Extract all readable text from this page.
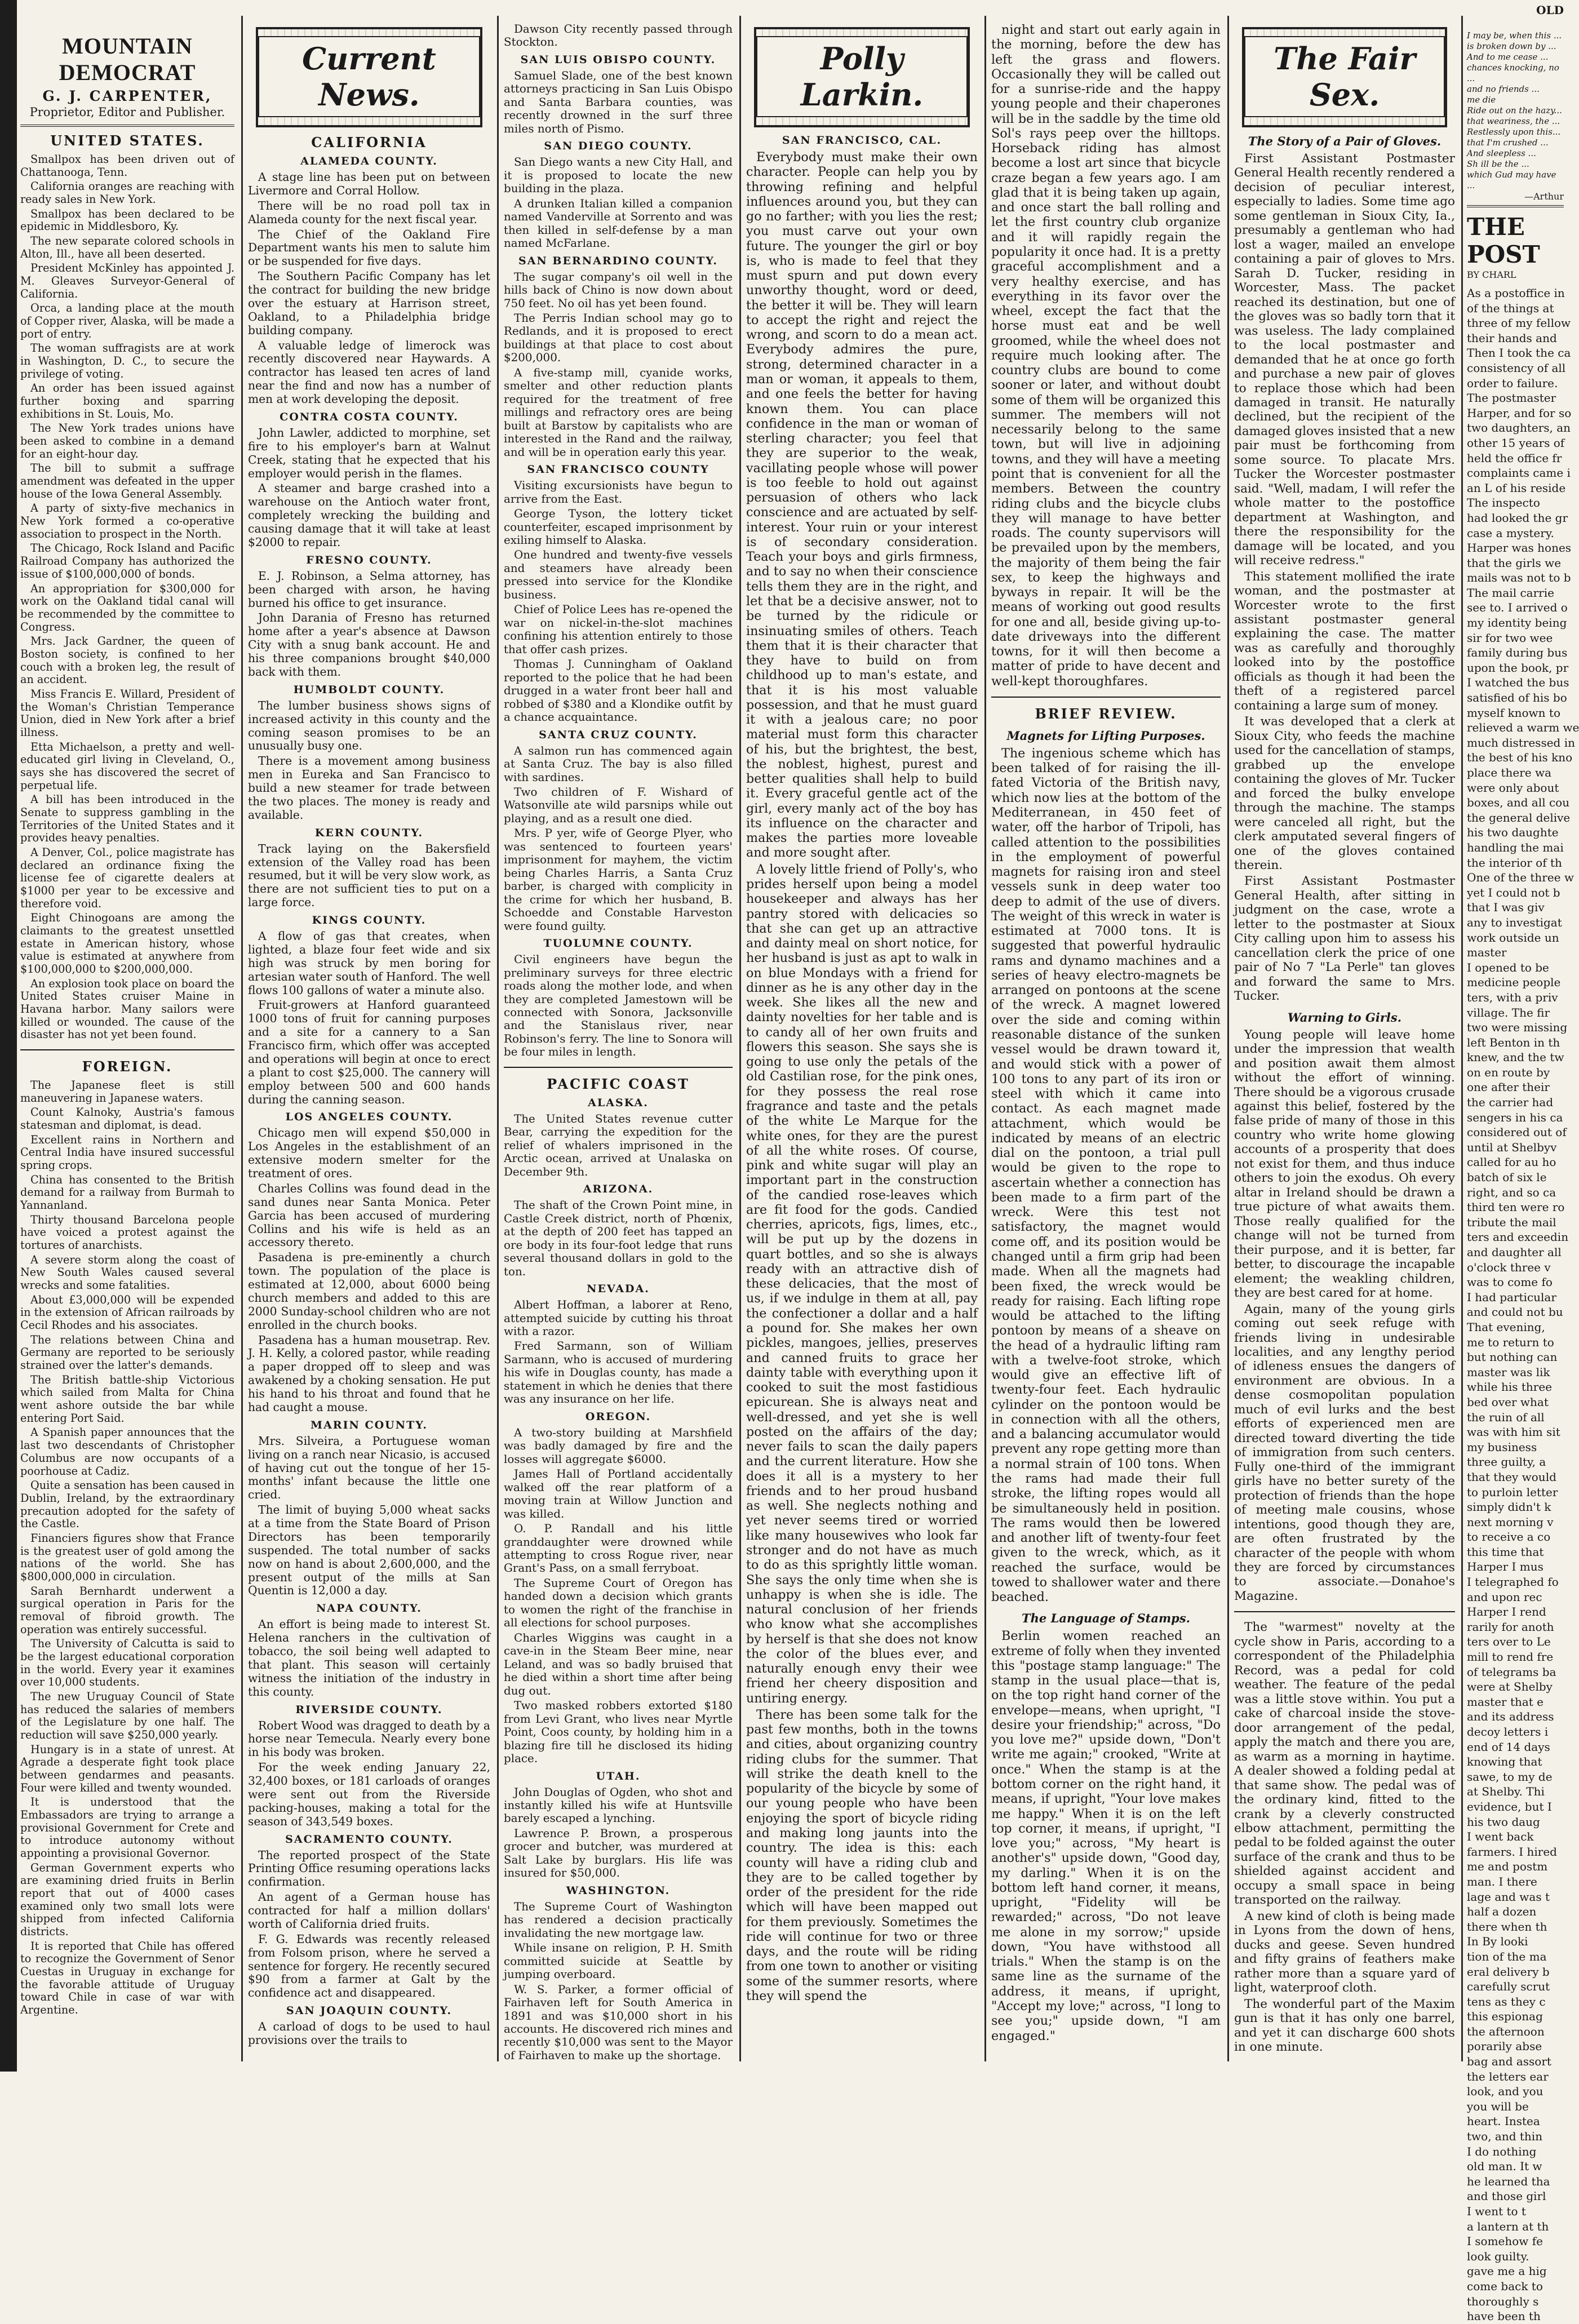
MOUNTAIN DEMOCRAT
G. J. CARPENTER,
Proprietor, Editor and Publisher.
UNITED STATES.

Smallpox has been driven out of Chattanooga, Tenn.

California oranges are reaching with ready sales in New York.

Smallpox has been declared to be epidemic in Middlesboro, Ky.

The new separate colored schools in Alton, Ill., have all been deserted.

President McKinley has appointed J. M. Gleaves Surveyor-General of California.

Orca, a landing place at the mouth of Copper river, Alaska, will be made a port of entry.

The woman suffragists are at work in Washington, D. C., to secure the privilege of voting.

An order has been issued against further boxing and sparring exhibitions in St. Louis, Mo.

The New York trades unions have been asked to combine in a demand for an eight-hour day.

The bill to submit a suffrage amendment was defeated in the upper house of the Iowa General Assembly.

A party of sixty-five mechanics in New York formed a co-operative association to prospect in the North.

The Chicago, Rock Island and Pacific Railroad Company has authorized the issue of $100,000,000 of bonds.

An appropriation for $300,000 for work on the Oakland tidal canal will be recommended by the committee to Congress.

Mrs. Jack Gardner, the queen of Boston society, is confined to her couch with a broken leg, the result of an accident.

Miss Francis E. Willard, President of the Woman's Christian Temperance Union, died in New York after a brief illness.

Etta Michaelson, a pretty and well-educated girl living in Cleveland, O., says she has discovered the secret of perpetual life.

A bill has been introduced in the Senate to suppress gambling in the Territories of the United States and it provides heavy penalties.

A Denver, Col., police magistrate has declared an ordinance fixing the license fee of cigarette dealers at $1000 per year to be excessive and therefore void.

Eight Chinogoans are among the claimants to the greatest unsettled estate in American history, whose value is estimated at anywhere from $100,000,000 to $200,000,000.

An explosion took place on board the United States cruiser Maine in Havana harbor. Many sailors were killed or wounded. The cause of the disaster has not yet been found.

FOREIGN.

The Japanese fleet is still maneuvering in Japanese waters.

Count Kalnoky, Austria's famous statesman and diplomat, is dead.

Excellent rains in Northern and Central India have insured successful spring crops.

China has consented to the British demand for a railway from Burmah to Yannanland.

Thirty thousand Barcelona people have voiced a protest against the tortures of anarchists.

A severe storm along the coast of New South Wales caused several wrecks and some fatalities.

About £3,000,000 will be expended in the extension of African railroads by Cecil Rhodes and his associates.

The relations between China and Germany are reported to be seriously strained over the latter's demands.

The British battle-ship Victorious which sailed from Malta for China went ashore outside the bar while entering Port Said.

A Spanish paper announces that the last two descendants of Christopher Columbus are now occupants of a poorhouse at Cadiz.

Quite a sensation has been caused in Dublin, Ireland, by the extraordinary precaution adopted for the safety of the Castle.

Financiers figures show that France is the greatest user of gold among the nations of the world. She has $800,000,000 in circulation.

Sarah Bernhardt underwent a surgical operation in Paris for the removal of fibroid growth. The operation was entirely successful.

The University of Calcutta is said to be the largest educational corporation in the world. Every year it examines over 10,000 students.

The new Uruguay Council of State has reduced the salaries of members of the Legislature by one half. The reduction will save $250,000 yearly.

Hungary is in a state of unrest. At Agrade a desperate fight took place between gendarmes and peasants. Four were killed and twenty wounded.

It is understood that the Embassadors are trying to arrange a provisional Government for Crete and to introduce autonomy without appointing a provisional Governor.

German Government experts who are examining dried fruits in Berlin report that out of 4000 cases examined only two small lots were shipped from infected California districts.

It is reported that Chile has offered to recognize the Government of Senor Cuestas in Uruguay in exchange for the favorable attitude of Uruguay toward Chile in case of war with Argentine.

Current News.
CALIFORNIA
ALAMEDA COUNTY.

A stage line has been put on between Livermore and Corral Hollow.

There will be no road poll tax in Alameda county for the next fiscal year.

The Chief of the Oakland Fire Department wants his men to salute him or be suspended for five days.

The Southern Pacific Company has let the contract for building the new bridge over the estuary at Harrison street, Oakland, to a Philadelphia bridge building company.

A valuable ledge of limerock was recently discovered near Haywards. A contractor has leased ten acres of land near the find and now has a number of men at work developing the deposit.

CONTRA COSTA COUNTY.

John Lawler, addicted to morphine, set fire to his employer's barn at Walnut Creek, stating that he expected that his employer would perish in the flames.

A steamer and barge crashed into a warehouse on the Antioch water front, completely wrecking the building and causing damage that it will take at least $2000 to repair.

FRESNO COUNTY.

E. J. Robinson, a Selma attorney, has been charged with arson, he having burned his office to get insurance.

John Darania of Fresno has returned home after a year's absence at Dawson City with a snug bank account. He and his three companions brought $40,000 back with them.

HUMBOLDT COUNTY.

The lumber business shows signs of increased activity in this county and the coming season promises to be an unusually busy one.

There is a movement among business men in Eureka and San Francisco to build a new steamer for trade between the two places. The money is ready and available.

KERN COUNTY.

Track laying on the Bakersfield extension of the Valley road has been resumed, but it will be very slow work, as there are not sufficient ties to put on a large force.

KINGS COUNTY.

A flow of gas that creates, when lighted, a blaze four feet wide and six high was struck by men boring for artesian water south of Hanford. The well flows 100 gallons of water a minute also.

Fruit-growers at Hanford guaranteed 1000 tons of fruit for canning purposes and a site for a cannery to a San Francisco firm, which offer was accepted and operations will begin at once to erect a plant to cost $25,000. The cannery will employ between 500 and 600 hands during the canning season.

LOS ANGELES COUNTY.

Chicago men will expend $50,000 in Los Angeles in the establishment of an extensive modern smelter for the treatment of ores.

Charles Collins was found dead in the sand dunes near Santa Monica. Peter Garcia has been accused of murdering Collins and his wife is held as an accessory thereto.

Pasadena is pre-eminently a church town. The population of the place is estimated at 12,000, about 6000 being church members and added to this are 2000 Sunday-school children who are not enrolled in the church books.

Pasadena has a human mousetrap. Rev. J. H. Kelly, a colored pastor, while reading a paper dropped off to sleep and was awakened by a choking sensation. He put his hand to his throat and found that he had caught a mouse.

MARIN COUNTY.

Mrs. Silveira, a Portuguese woman living on a ranch near Nicasio, is accused of having cut out the tongue of her 15-months' infant because the little one cried.

The limit of buying 5,000 wheat sacks at a time from the State Board of Prison Directors has been temporarily suspended. The total number of sacks now on hand is about 2,600,000, and the present output of the mills at San Quentin is 12,000 a day.

NAPA COUNTY.

An effort is being made to interest St. Helena ranchers in the cultivation of tobacco, the soil being well adapted to that plant. This season will certainly witness the initiation of the industry in this county.

RIVERSIDE COUNTY.

Robert Wood was dragged to death by a horse near Temecula. Nearly every bone in his body was broken.

For the week ending January 22, 32,400 boxes, or 181 carloads of oranges were sent out from the Riverside packing-houses, making a total for the season of 343,549 boxes.

SACRAMENTO COUNTY.

The reported prospect of the State Printing Office resuming operations lacks confirmation.

An agent of a German house has contracted for half a million dollars' worth of California dried fruits.

F. G. Edwards was recently released from Folsom prison, where he served a sentence for forgery. He recently secured $90 from a farmer at Galt by the confidence act and disappeared.

SAN JOAQUIN COUNTY.

A carload of dogs to be used to haul provisions over the trails to

Dawson City recently passed through Stockton.

SAN LUIS OBISPO COUNTY.

Samuel Slade, one of the best known attorneys practicing in San Luis Obispo and Santa Barbara counties, was recently drowned in the surf three miles north of Pismo.

SAN DIEGO COUNTY.

San Diego wants a new City Hall, and it is proposed to locate the new building in the plaza.

A drunken Italian killed a companion named Vanderville at Sorrento and was then killed in self-defense by a man named McFarlane.

SAN BERNARDINO COUNTY.

The sugar company's oil well in the hills back of Chino is now down about 750 feet. No oil has yet been found.

The Perris Indian school may go to Redlands, and it is proposed to erect buildings at that place to cost about $200,000.

A five-stamp mill, cyanide works, smelter and other reduction plants required for the treatment of free millings and refractory ores are being built at Barstow by capitalists who are interested in the Rand and the railway, and will be in operation early this year.

SAN FRANCISCO COUNTY

Visiting excursionists have begun to arrive from the East.

George Tyson, the lottery ticket counterfeiter, escaped imprisonment by exiling himself to Alaska.

One hundred and twenty-five vessels and steamers have already been pressed into service for the Klondike business.

Chief of Police Lees has re-opened the war on nickel-in-the-slot machines confining his attention entirely to those that offer cash prizes.

Thomas J. Cunningham of Oakland reported to the police that he had been drugged in a water front beer hall and robbed of $380 and a Klondike outfit by a chance acquaintance.

SANTA CRUZ COUNTY.

A salmon run has commenced again at Santa Cruz. The bay is also filled with sardines.

Two children of F. Wishard of Watsonville ate wild parsnips while out playing, and as a result one died.

Mrs. P yer, wife of George Plyer, who was sentenced to fourteen years' imprisonment for mayhem, the victim being Charles Harris, a Santa Cruz barber, is charged with complicity in the crime for which her husband, B. Schoedde and Constable Harveston were found guilty.

TUOLUMNE COUNTY.

Civil engineers have begun the preliminary surveys for three electric roads along the mother lode, and when they are completed Jamestown will be connected with Sonora, Jacksonville and the Stanislaus river, near Robinson's ferry. The line to Sonora will be four miles in length.

PACIFIC COAST
ALASKA.

The United States revenue cutter Bear, carrying the expedition for the relief of whalers imprisoned in the Arctic ocean, arrived at Unalaska on December 9th.

ARIZONA.

The shaft of the Crown Point mine, in Castle Creek district, north of Phœnix, at the depth of 200 feet has tapped an ore body in its four-foot ledge that runs several thousand dollars in gold to the ton.

NEVADA.

Albert Hoffman, a laborer at Reno, attempted suicide by cutting his throat with a razor.

Fred Sarmann, son of William Sarmann, who is accused of murdering his wife in Douglas county, has made a statement in which he denies that there was any insurance on her life.

OREGON.

A two-story building at Marshfield was badly damaged by fire and the losses will aggregate $6000.

James Hall of Portland accidentally walked off the rear platform of a moving train at Willow Junction and was killed.

O. P. Randall and his little granddaughter were drowned while attempting to cross Rogue river, near Grant's Pass, on a small ferryboat.

The Supreme Court of Oregon has handed down a decision which grants to women the right of the franchise in all elections for school purposes.

Charles Wiggins was caught in a cave-in in the Steam Beer mine, near Leland, and was so badly bruised that he died within a short time after being dug out.

Two masked robbers extorted $180 from Levi Grant, who lives near Myrtle Point, Coos county, by holding him in a blazing fire till he disclosed its hiding place.

UTAH.

John Douglas of Ogden, who shot and instantly killed his wife at Huntsville barely escaped a lynching.

Lawrence P. Brown, a prosperous grocer and butcher, was murdered at Salt Lake by burglars. His life was insured for $50,000.

WASHINGTON.

The Supreme Court of Washington has rendered a decision practically invalidating the new mortgage law.

While insane on religion, P. H. Smith committed suicide at Seattle by jumping overboard.

W. S. Parker, a former official of Fairhaven left for South America in 1891 and was $10,000 short in his accounts. He discovered rich mines and recently $10,000 was sent to the Mayor of Fairhaven to make up the shortage.

Polly Larkin.
SAN FRANCISCO, CAL.

Everybody must make their own character. People can help you by throwing refining and helpful influences around you, but they can go no farther; with you lies the rest; you must carve out your own future. The younger the girl or boy is, who is made to feel that they must spurn and put down every unworthy thought, word or deed, the better it will be. They will learn to accept the right and reject the wrong, and scorn to do a mean act. Everybody admires the pure, strong, determined character in a man or woman, it appeals to them, and one feels the better for having known them. You can place confidence in the man or woman of sterling character; you feel that they are superior to the weak, vacillating people whose will power is too feeble to hold out against persuasion of others who lack conscience and are actuated by self-interest. Your ruin or your interest is of secondary consideration. Teach your boys and girls firmness, and to say no when their conscience tells them they are in the right, and let that be a decisive answer, not to be turned by the ridicule or insinuating smiles of others. Teach them that it is their character that they have to build on from childhood up to man's estate, and that it is his most valuable possession, and that he must guard it with a jealous care; no poor material must form this character of his, but the brightest, the best, the noblest, highest, purest and better qualities shall help to build it. Every graceful gentle act of the girl, every manly act of the boy has its influence on the character and makes the parties more loveable and more sought after.

A lovely little friend of Polly's, who prides herself upon being a model housekeeper and always has her pantry stored with delicacies so that she can get up an attractive and dainty meal on short notice, for her husband is just as apt to walk in on blue Mondays with a friend for dinner as he is any other day in the week. She likes all the new and dainty novelties for her table and is to candy all of her own fruits and flowers this season. She says she is going to use only the petals of the old Castilian rose, for the pink ones, for they possess the real rose fragrance and taste and the petals of the white Le Marque for the white ones, for they are the purest of all the white roses. Of course, pink and white sugar will play an important part in the construction of the candied rose-leaves which are fit food for the gods. Candied cherries, apricots, figs, limes, etc., will be put up by the dozens in quart bottles, and so she is always ready with an attractive dish of these delicacies, that the most of us, if we indulge in them at all, pay the confectioner a dollar and a half a pound for. She makes her own pickles, mangoes, jellies, preserves and canned fruits to grace her dainty table with everything upon it cooked to suit the most fastidious epicurean. She is always neat and well-dressed, and yet she is well posted on the affairs of the day; never fails to scan the daily papers and the current literature. How she does it all is a mystery to her friends and to her proud husband as well. She neglects nothing and yet never seems tired or worried like many housewives who look far stronger and do not have as much to do as this sprightly little woman. She says the only time when she is unhappy is when she is idle. The natural conclusion of her friends who know what she accomplishes by herself is that she does not know the color of the blues ever, and naturally enough envy their wee friend her cheery disposition and untiring energy.

There has been some talk for the past few months, both in the towns and cities, about organizing country riding clubs for the summer. That will strike the death knell to the popularity of the bicycle by some of our young people who have been enjoying the sport of bicycle riding and making long jaunts into the country. The idea is this: each county will have a riding club and they are to be called together by order of the president for the ride which will have been mapped out for them previously. Sometimes the ride will continue for two or three days, and the route will be riding from one town to another or visiting some of the summer resorts, where they will spend the

night and start out early again in the morning, before the dew has left the grass and flowers. Occasionally they will be called out for a sunrise-ride and the happy young people and their chaperones will be in the saddle by the time old Sol's rays peep over the hilltops. Horseback riding has almost become a lost art since that bicycle craze began a few years ago. I am glad that it is being taken up again, and once start the ball rolling and let the first country club organize and it will rapidly regain the popularity it once had. It is a pretty graceful accomplishment and a very healthy exercise, and has everything in its favor over the wheel, except the fact that the horse must eat and be well groomed, while the wheel does not require much looking after. The country clubs are bound to come sooner or later, and without doubt some of them will be organized this summer. The members will not necessarily belong to the same town, but will live in adjoining towns, and they will have a meeting point that is convenient for all the members. Between the country riding clubs and the bicycle clubs they will manage to have better roads. The county supervisors will be prevailed upon by the members, the majority of them being the fair sex, to keep the highways and byways in repair. It will be the means of working out good results for one and all, beside giving up-to-date driveways into the different towns, for it will then become a matter of pride to have decent and well-kept thoroughfares.

BRIEF REVIEW.
Magnets for Lifting Purposes.

The ingenious scheme which has been talked of for raising the ill-fated Victoria of the British navy, which now lies at the bottom of the Mediterranean, in 450 feet of water, off the harbor of Tripoli, has called attention to the possibilities in the employment of powerful magnets for raising iron and steel vessels sunk in deep water too deep to admit of the use of divers. The weight of this wreck in water is estimated at 7000 tons. It is suggested that powerful hydraulic rams and dynamo machines and a series of heavy electro-magnets be arranged on pontoons at the scene of the wreck. A magnet lowered over the side and coming within reasonable distance of the sunken vessel would be drawn toward it, and would stick with a power of 100 tons to any part of its iron or steel with which it came into contact. As each magnet made attachment, which would be indicated by means of an electric dial on the pontoon, a trial pull would be given to the rope to ascertain whether a connection has been made to a firm part of the wreck. Were this test not satisfactory, the magnet would come off, and its position would be changed until a firm grip had been made. When all the magnets had been fixed, the wreck would be ready for raising. Each lifting rope would be attached to the lifting pontoon by means of a sheave on the head of a hydraulic lifting ram with a twelve-foot stroke, which would give an effective lift of twenty-four feet. Each hydraulic cylinder on the pontoon would be in connection with all the others, and a balancing accumulator would prevent any rope getting more than a normal strain of 100 tons. When the rams had made their full stroke, the lifting ropes would all be simultaneously held in position. The rams would then be lowered and another lift of twenty-four feet given to the wreck, which, as it reached the surface, would be towed to shallower water and there beached.

The Language of Stamps.

Berlin women reached an extreme of folly when they invented this "postage stamp language:" The stamp in the usual place—that is, on the top right hand corner of the envelope—means, when upright, "I desire your friendship;" across, "Do you love me?" upside down, "Don't write me again;" crooked, "Write at once." When the stamp is at the bottom corner on the right hand, it means, if upright, "Your love makes me happy." When it is on the left top corner, it means, if upright, "I love you;" across, "My heart is another's" upside down, "Good day, my darling." When it is on the bottom left hand corner, it means, upright, "Fidelity will be rewarded;" across, "Do not leave me alone in my sorrow;" upside down, "You have withstood all trials." When the stamp is on the same line as the surname of the address, it means, if upright, "Accept my love;" across, "I long to see you;" upside down, "I am engaged."

The Fair Sex.
The Story of a Pair of Gloves.

First Assistant Postmaster General Health recently rendered a decision of peculiar interest, especially to ladies. Some time ago some gentleman in Sioux City, Ia., presumably a gentleman who had lost a wager, mailed an envelope containing a pair of gloves to Mrs. Sarah D. Tucker, residing in Worcester, Mass. The packet reached its destination, but one of the gloves was so badly torn that it was useless. The lady complained to the local postmaster and demanded that he at once go forth and purchase a new pair of gloves to replace those which had been damaged in transit. He naturally declined, but the recipient of the damaged gloves insisted that a new pair must be forthcoming from some source. To placate Mrs. Tucker the Worcester postmaster said. "Well, madam, I will refer the whole matter to the postoffice department at Washington, and there the responsibility for the damage will be located, and you will receive redress."

This statement mollified the irate woman, and the postmaster at Worcester wrote to the first assistant postmaster general explaining the case. The matter was as carefully and thoroughly looked into by the postoffice officials as though it had been the theft of a registered parcel containing a large sum of money.

It was developed that a clerk at Sioux City, who feeds the machine used for the cancellation of stamps, grabbed up the envelope containing the gloves of Mr. Tucker and forced the bulky envelope through the machine. The stamps were canceled all right, but the clerk amputated several fingers of one of the gloves contained therein.

First Assistant Postmaster General Health, after sitting in judgment on the case, wrote a letter to the postmaster at Sioux City calling upon him to assess his cancellation clerk the price of one pair of No 7 "La Perle" tan gloves and forward the same to Mrs. Tucker.

Warning to Girls.

Young people will leave home under the impression that wealth and position await them almost without the effort of winning. There should be a vigorous crusade against this belief, fostered by the false pride of many of those in this country who write home glowing accounts of a prosperity that does not exist for them, and thus induce others to join the exodus. Oh every altar in Ireland should be drawn a true picture of what awaits them. Those really qualified for the change will not be turned from their purpose, and it is better, far better, to discourage the incapable element; the weakling children, they are best cared for at home.

Again, many of the young girls coming out seek refuge with friends living in undesirable localities, and any lengthy period of idleness ensues the dangers of environment are obvious. In a dense cosmopolitan population much of evil lurks and the best efforts of experienced men are directed toward diverting the tide of immigration from such centers. Fully one-third of the immigrant girls have no better surety of the protection of friends than the hope of meeting male cousins, whose intentions, good though they are, are often frustrated by the character of the people with whom they are forced by circumstances to associate.—Donahoe's Magazine.

The "warmest" novelty at the cycle show in Paris, according to a correspondent of the Philadelphia Record, was a pedal for cold weather. The feature of the pedal was a little stove within. You put a cake of charcoal inside the stove-door arrangement of the pedal, apply the match and there you are, as warm as a morning in haytime. A dealer showed a folding pedal at that same show. The pedal was of the ordinary kind, fitted to the crank by a cleverly constructed elbow attachment, permitting the pedal to be folded against the outer surface of the crank and thus to be shielded against accident and occupy a small space in being transported on the railway.

A new kind of cloth is being made in Lyons from the down of hens, ducks and geese. Seven hundred and fifty grains of feathers make rather more than a square yard of light, waterproof cloth.

The wonderful part of the Maxim gun is that it has only one barrel, and yet it can discharge 600 shots in one minute.

OLD
I may be, when this ...
is broken down by ...
And to me cease ...
chances knocking, no ...
and no friends ...
me die
Ride out on the hazy...
that weariness, the ...
Restlessly upon this...
that I'm crushed ...
And sleepless ...
Sh ill be the ...
which Gud may have ...
—Arthur
THE POST
BY CHARL
As a postoffice in
of the things at
three of my fellow
their hands and
Then I took the ca
consistency of all
order to failure.
The postmaster
Harper, and for so
two daughters, an
other 15 years of
held the office fr
complaints came i
an L of his reside
The inspecto
had looked the gr
case a mystery.
Harper was hones
that the girls we
mails was not to b
The mail carrie
see to. I arrived o
my identity being
sir for two wee
family during bus
upon the book, pr
I watched the bus
satisfied of his bo
myself known to
relieved a warm we
much distressed in
the best of his kno
place there wa
were only about
boxes, and all cou
the general delive
his two daughte
handling the mai
the interior of th
One of the three w
yet I could not b
that I was giv
any to investigat
work outside un
master
I opened to be
medicine people
ters, with a priv
village. The fir
two were missing
left Benton in th
knew, and the tw
on en route by
one after their
the carrier had
sengers in his ca
considered out of
until at Shelbyv
called for au ho
batch of six le
right, and so ca
third ten were ro
tribute the mail
ters and exceedin
and daughter all
o'clock three v
was to come fo
I had particular
and could not bu
That evening,
me to return to
but nothing can
master was lik
while his three
bed over what
the ruin of all
was with him sit
my business
three guilty, a
that they would
to purloin letter
simply didn't k
next morning v
to receive a co
this time that
Harper I mus
I telegraphed fo
and upon rec
Harper I rend
rarily for anoth
ters over to Le
mill to rend fre
of telegrams ba
were at Shelby
master that e
and its address
decoy letters i
end of 14 days
knowing that
sawe, to my de
at Shelby. Thi
evidence, but I
his two daug
I went back
farmers. I hired
me and postm
man. I there
lage and was t
half a dozen
there when th
In By looki
tion of the ma
eral delivery b
carefully scrut
tens as they c
this espionag
the afternoon
porarily abse
bag and assort
the letters ear
look, and you
you will be
heart. Instea
two, and thin
I do nothing
old man. It w
he learned tha
and those girl
I went to t
a lantern at th
I somehow fe
look guilty.
gave me a hig
come back to
thoroughly s
have been th
